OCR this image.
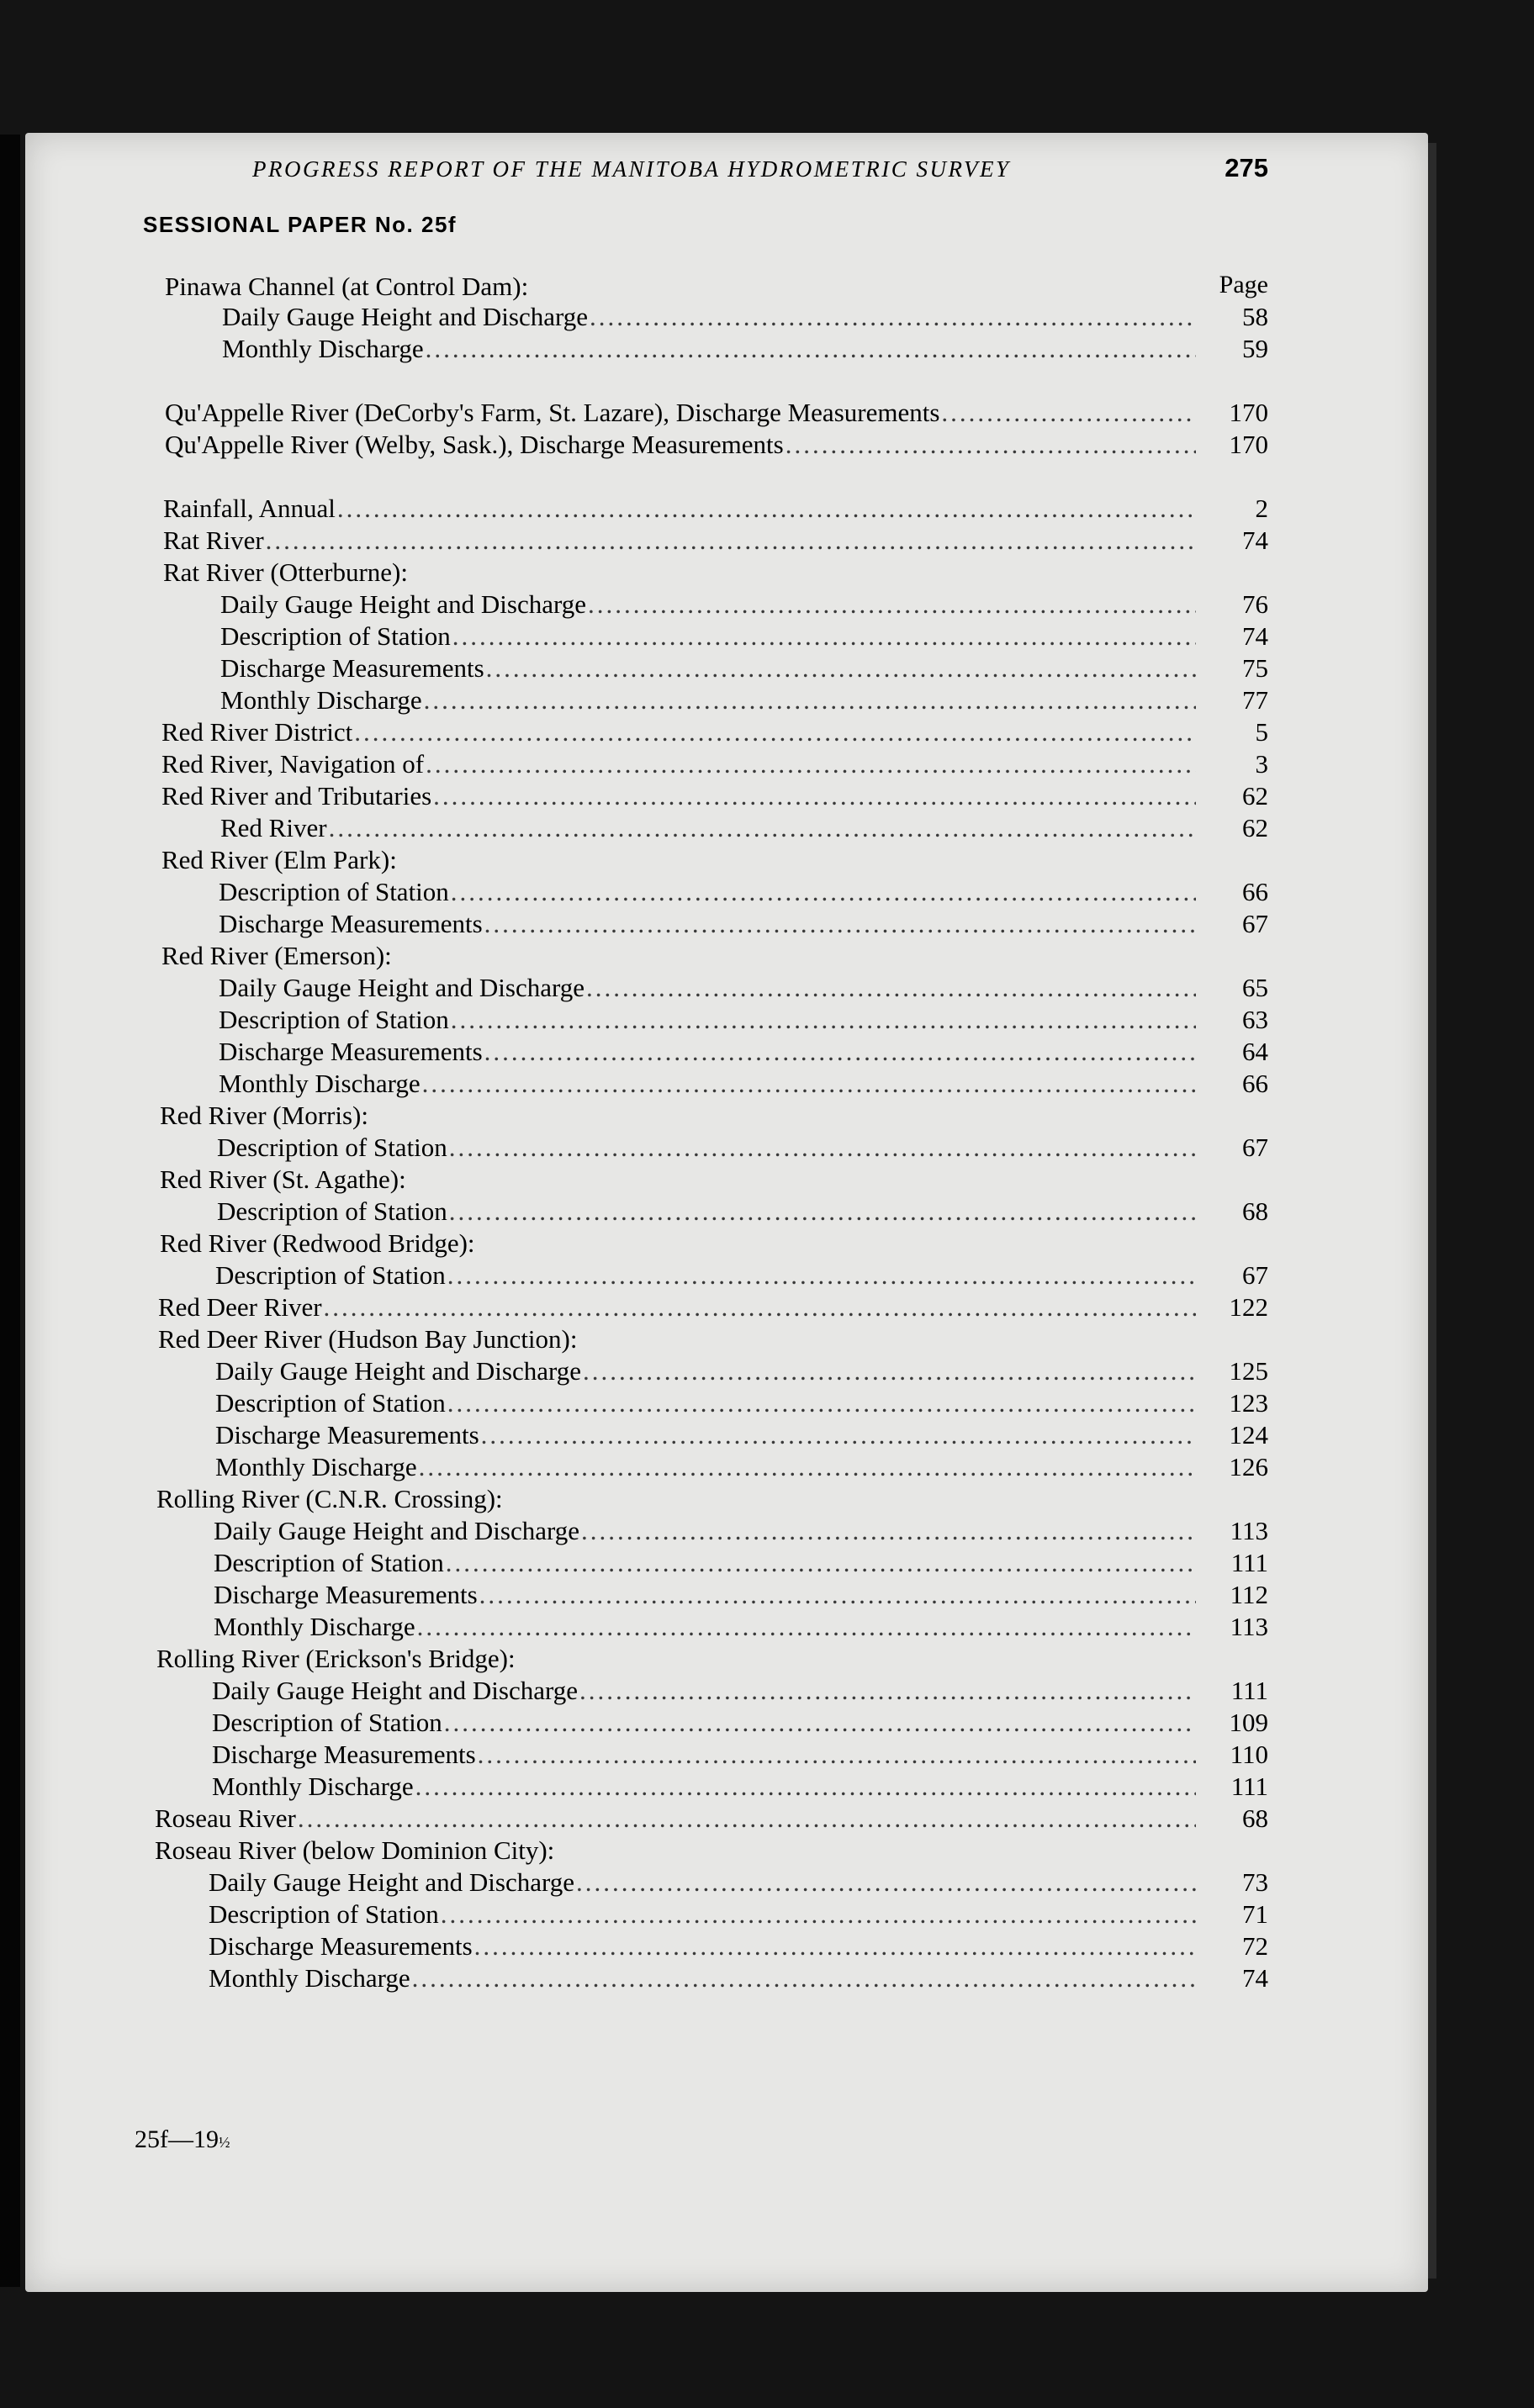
PROGRESS REPORT OF THE MANITOBA HYDROMETRIC SURVEY	275
SESSIONAL PAPER No. 25f
Page
Pinawa Channel (at Control Dam):
Daily Gauge Height and Discharge .....	58
Monthly Discharge .....	59
Qu'Appelle River (DeCorby's Farm, St. Lazare), Discharge Measurements .....	170
Qu'Appelle River (Welby, Sask.), Discharge Measurements .....	170
Rainfall, Annual .....	2
Rat River .....	74
Rat River (Otterburne):
Daily Gauge Height and Discharge .....	76
Description of Station .....	74
Discharge Measurements .....	75
Monthly Discharge .....	77
Red River District .....	5
Red River, Navigation of .....	3
Red River and Tributaries .....	62
Red River .....	62
Red River (Elm Park):
Description of Station .....	66
Discharge Measurements .....	67
Red River (Emerson):
Daily Gauge Height and Discharge .....	65
Description of Station .....	63
Discharge Measurements .....	64
Monthly Discharge .....	66
Red River (Morris):
Description of Station .....	67
Red River (St. Agathe):
Description of Station .....	68
Red River (Redwood Bridge):
Description of Station .....	67
Red Deer River .....	122
Red Deer River (Hudson Bay Junction):
Daily Gauge Height and Discharge .....	125
Description of Station .....	123
Discharge Measurements .....	124
Monthly Discharge .....	126
Rolling River (C.N.R. Crossing):
Daily Gauge Height and Discharge .....	113
Description of Station .....	111
Discharge Measurements .....	112
Monthly Discharge .....	113
Rolling River (Erickson's Bridge):
Daily Gauge Height and Discharge .....	111
Description of Station .....	109
Discharge Measurements .....	110
Monthly Discharge .....	111
Roseau River .....	68
Roseau River (below Dominion City):
Daily Gauge Height and Discharge .....	73
Description of Station .....	71
Discharge Measurements .....	72
Monthly Discharge .....	74
25f—19½
